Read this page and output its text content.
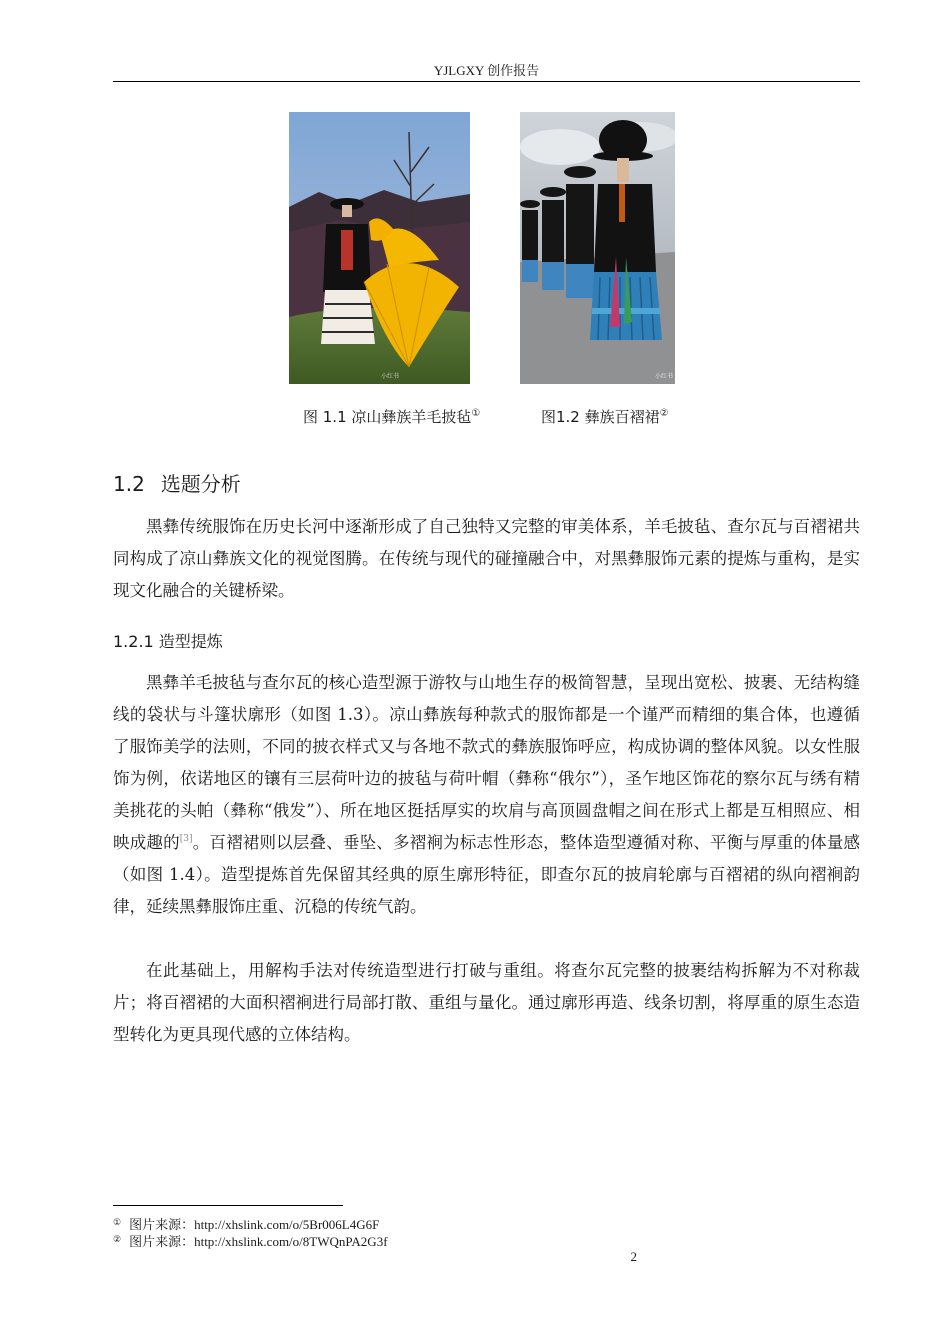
YJLGXY 创作报告
小红书	小红书
图 1.1 凉山彝族羊毛披毡①	图1.2 彝族百褶裙②
1.2 选题分析

黑彝传统服饰在历史长河中逐渐形成了自己独特又完整的审美体系，羊毛披毡、查尔瓦与百褶裙共同构成了凉山彝族文化的视觉图腾。在传统与现代的碰撞融合中，对黑彝服饰元素的提炼与重构，是实现文化融合的关键桥梁。

1.2.1 造型提炼

黑彝羊毛披毡与查尔瓦的核心造型源于游牧与山地生存的极简智慧，呈现出宽松、披裹、无结构缝线的袋状与斗篷状廓形（如图 1.3）。凉山彝族每种款式的服饰都是一个谨严而精细的集合体，也遵循了服饰美学的法则，不同的披衣样式又与各地不款式的彝族服饰呼应，构成协调的整体风貌。以女性服饰为例，依诺地区的镶有三层荷叶边的披毡与荷叶帽（彝称“俄尔”），圣乍地区饰花的察尔瓦与绣有精美挑花的头帕（彝称“俄发”）、所在地区挺括厚实的坎肩与高顶圆盘帽之间在形式上都是互相照应、相映成趣的[3]。百褶裙则以层叠、垂坠、多褶裥为标志性形态，整体造型遵循对称、平衡与厚重的体量感（如图 1.4）。造型提炼首先保留其经典的原生廓形特征，即查尔瓦的披肩轮廓与百褶裙的纵向褶裥韵律，延续黑彝服饰庄重、沉稳的传统气韵。

在此基础上，用解构手法对传统造型进行打破与重组。将查尔瓦完整的披裹结构拆解为不对称裁片；将百褶裙的大面积褶裥进行局部打散、重组与量化。通过廓形再造、线条切割，将厚重的原生态造型转化为更具现代感的立体结构。

① 图片来源：http://xhslink.com/o/5Br006L4G6F
② 图片来源：http://xhslink.com/o/8TWQnPA2G3f
2
